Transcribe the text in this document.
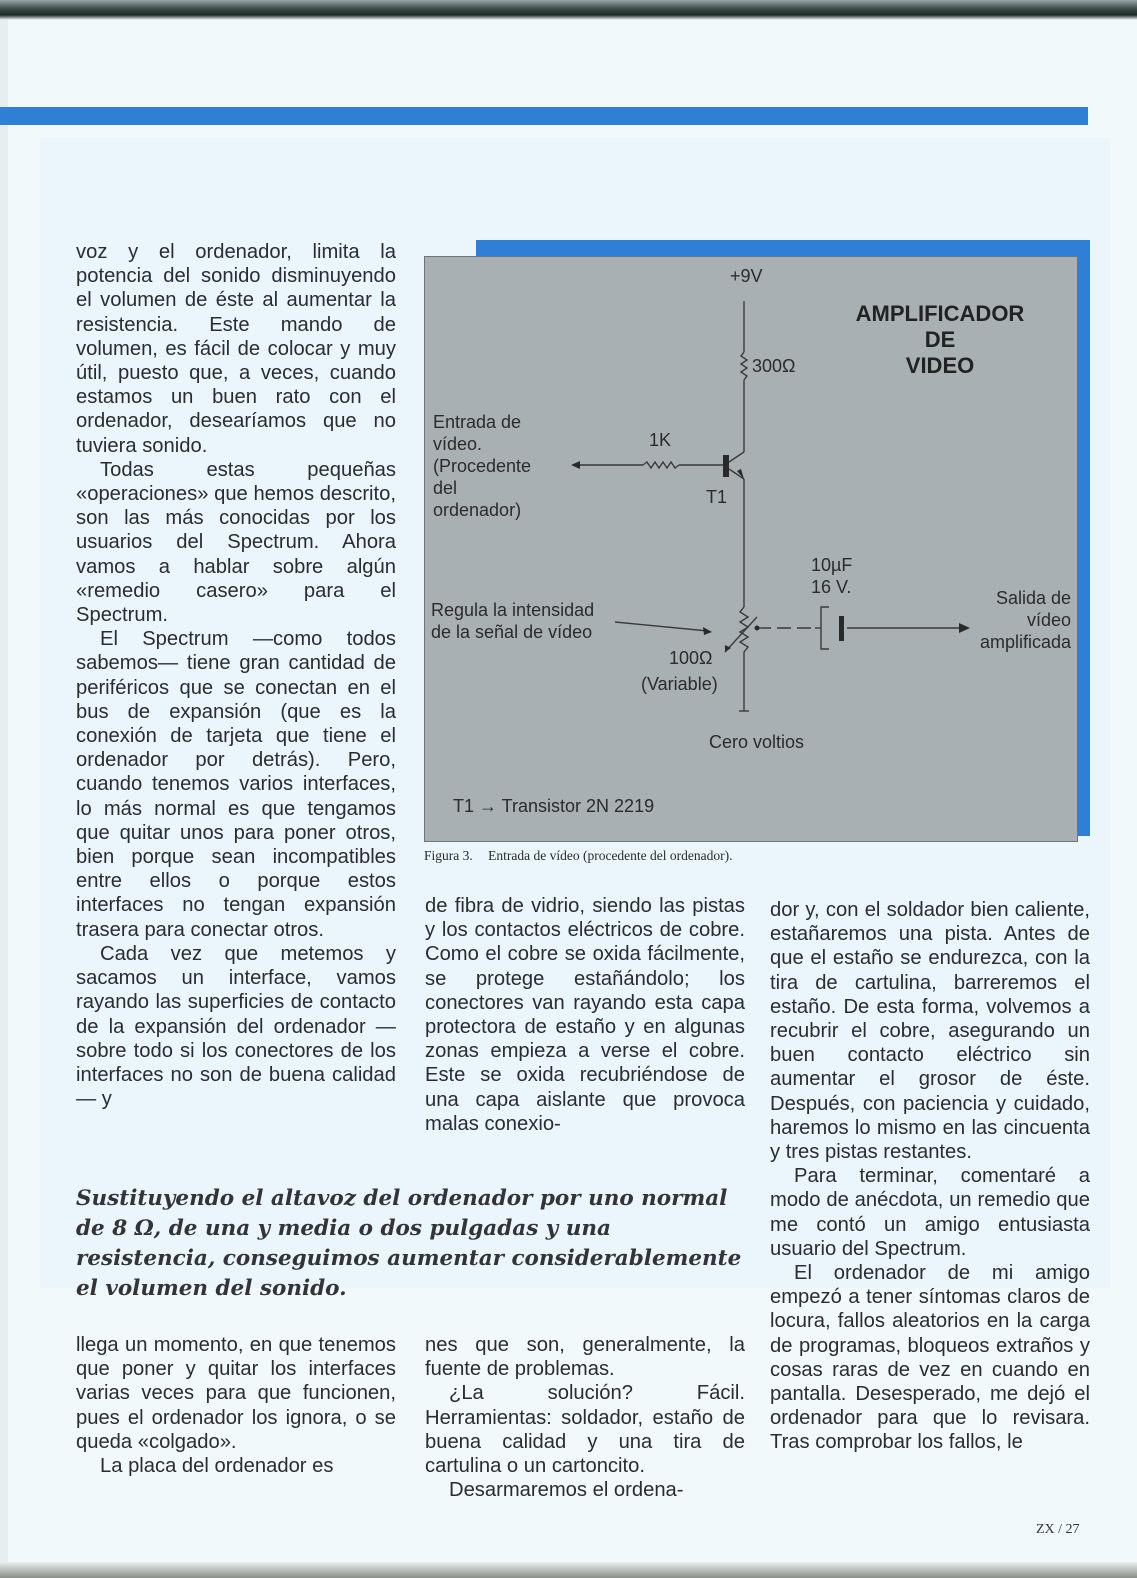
voz y el ordenador, limita la potencia del sonido disminuyendo el volumen de éste al aumentar la resistencia. Este mando de volumen, es fácil de colocar y muy útil, puesto que, a veces, cuando estamos un buen rato con el ordenador, desearíamos que no tuviera sonido.

Todas estas pequeñas «operaciones» que hemos descrito, son las más conocidas por los usuarios del Spectrum. Ahora vamos a hablar sobre algún «remedio casero» para el Spectrum.

El Spectrum —como todos sabemos— tiene gran cantidad de periféricos que se conectan en el bus de expansión (que es la conexión de tarjeta que tiene el ordenador por detrás). Pero, cuando tenemos varios interfaces, lo más normal es que tengamos que quitar unos para poner otros, bien porque sean incompatibles entre ellos o porque estos interfaces no tengan expansión trasera para conectar otros.

Cada vez que metemos y sacamos un interface, vamos rayando las superficies de contacto de la expansión del ordenador —sobre todo si los conectores de los interfaces no son de buena calidad— y

+9V
AMPLIFICADOR
DE
VIDEO
300Ω
1K
T1
Entrada de
vídeo.
(Procedente
del
ordenador)
10µF
16 V.
Salida de
vídeo
amplificada
Regula la intensidad
de la señal de vídeo
100Ω
(Variable)
Cero voltios
T1 → Transistor 2N 2219
Figura 3. Entrada de vídeo (procedente del ordenador).

de fibra de vidrio, siendo las pistas y los contactos eléctricos de cobre. Como el cobre se oxida fácilmente, se protege estañándolo; los conectores van rayando esta capa protectora de estaño y en algunas zonas empieza a verse el cobre. Este se oxida recubriéndose de una capa aislante que provoca malas conexio-

dor y, con el soldador bien caliente, estañaremos una pista. Antes de que el estaño se endurezca, con la tira de cartulina, barreremos el estaño. De esta forma, volvemos a recubrir el cobre, asegurando un buen contacto eléctrico sin aumentar el grosor de éste. Después, con paciencia y cuidado, haremos lo mismo en las cincuenta y tres pistas restantes.

Para terminar, comentaré a modo de anécdota, un remedio que me contó un amigo entusiasta usuario del Spectrum.

El ordenador de mi amigo empezó a tener síntomas claros de locura, fallos aleatorios en la carga de programas, bloqueos extraños y cosas raras de vez en cuando en pantalla. Desesperado, me dejó el ordenador para que lo revisara. Tras comprobar los fallos, le

Sustituyendo el altavoz del ordenador por uno normal de 8 Ω, de una y media o dos pulgadas y una resistencia, conseguimos aumentar considerablemente el volumen del sonido.

llega un momento, en que tenemos que poner y quitar los interfaces varias veces para que funcionen, pues el ordenador los ignora, o se queda «colgado».

La placa del ordenador es

nes que son, generalmente, la fuente de problemas.

¿La solución? Fácil. Herramientas: soldador, estaño de buena calidad y una tira de cartulina o un cartoncito.

Desarmaremos el ordena-

ZX / 27
